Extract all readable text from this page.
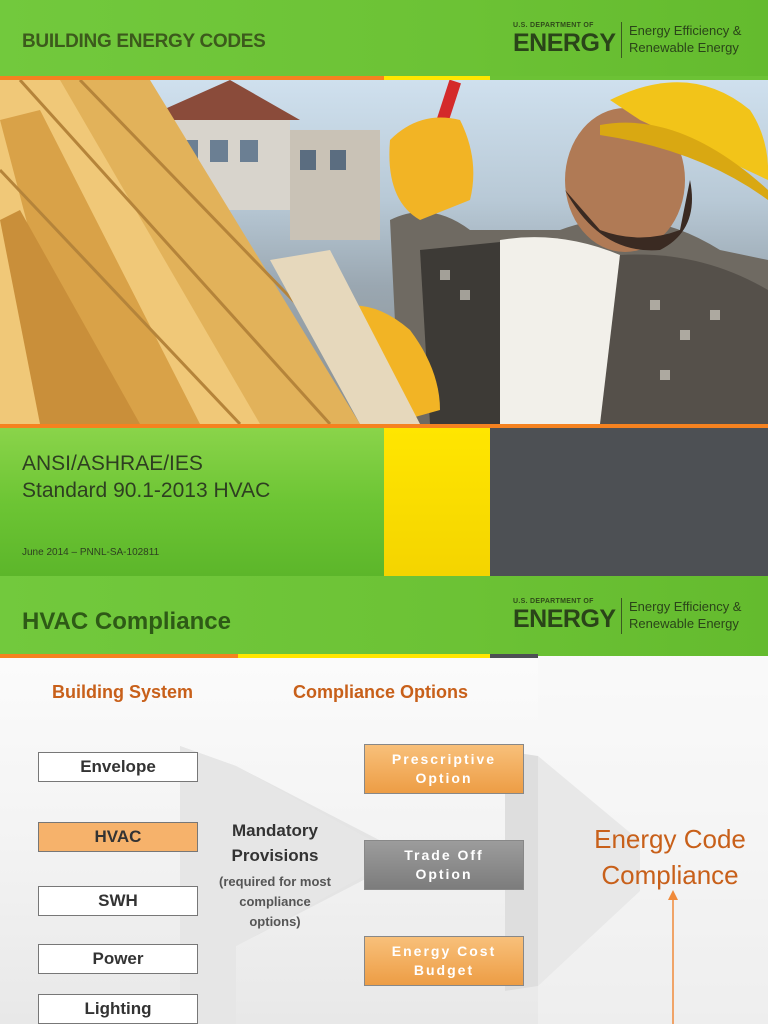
BUILDING ENERGY CODES
U.S. DEPARTMENT OF
ENERGY Energy Efficiency &
Renewable Energy
ANSI/ASHRAE/IES
Standard 90.1-2013 HVAC
June 2014 – PNNL-SA-102811
HVAC Compliance
U.S. DEPARTMENT OF
ENERGY Energy Efficiency &
Renewable Energy
Building System	Compliance Options
Envelope
HVAC
SWH
Power
Lighting
Mandatory
Provisions
(required for most
compliance
options)
Prescriptive
Option
Trade Off
Option
Energy Cost
Budget
Energy Code
Compliance
